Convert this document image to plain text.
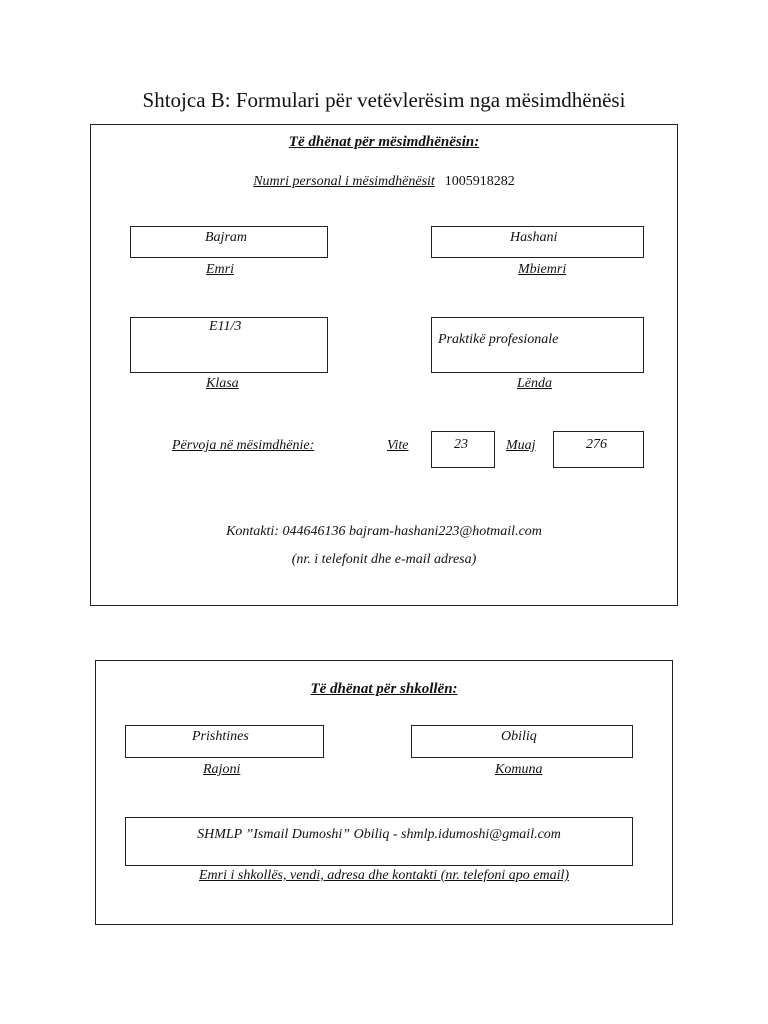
Shtojca B: Formulari për vetëvlerësim nga mësimdhënësi
Të dhënat për mësimdhënësin:
Numri personal i mësimdhënësit 1005918282
Bajram
Emri
Hashani
Mbiemri
E11/3
Klasa
Praktikë profesionale
Lënda
Përvoja në mësimdhënie:	Vite	23	Muaj	276
Kontakti: 044646136 bajram-hashani223@hotmail.com
(nr. i telefonit dhe e-mail adresa)
Të dhënat për shkollën:
Prishtines
Rajoni
Obiliq
Komuna
SHMLP ”Ismail Dumoshi” Obiliq - shmlp.idumoshi@gmail.com
Emri i shkollës, vendi, adresa dhe kontakti (nr. telefoni apo email)
